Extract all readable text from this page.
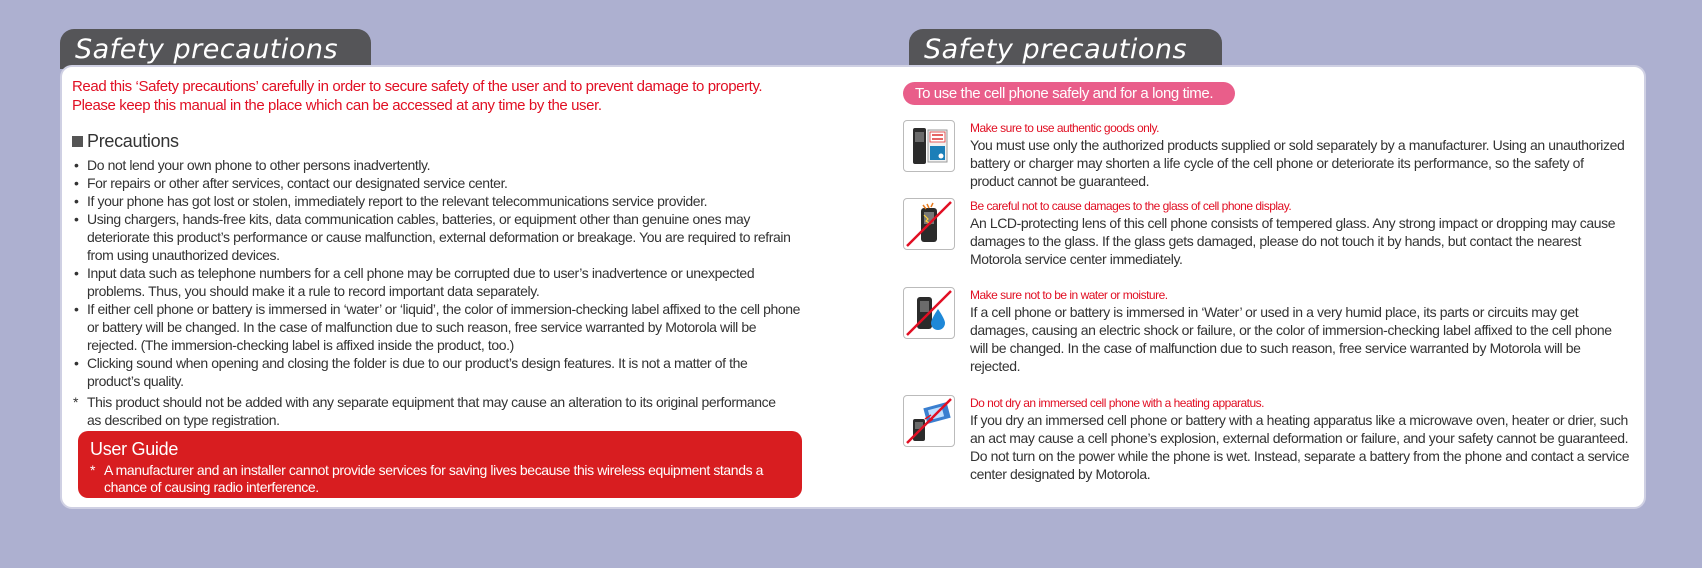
Safety precautions	Safety precautions
Read this ‘Safety precautions’ carefully in order to secure safety of the user and to prevent damage to property.
Please keep this manual in the place which can be accessed at any time by the user.
Precautions
• Do not lend your own phone to other persons inadvertently.
• For repairs or other after services, contact our designated service center.
• If your phone has got lost or stolen, immediately report to the relevant telecommunications service provider.
• Using chargers, hands-free kits, data communication cables, batteries, or equipment other than genuine ones may deteriorate this product’s performance or cause malfunction, external deformation or breakage. You are required to refrain from using unauthorized devices.
• Input data such as telephone numbers for a cell phone may be corrupted due to user’s inadvertence or unexpected problems. Thus, you should make it a rule to record important data separately.
• If either cell phone or battery is immersed in ‘water’ or ‘liquid’, the color of immersion-checking label affixed to the cell phone or battery will be changed. In the case of malfunction due to such reason, free service warranted by Motorola will be rejected. (The immersion-checking label is affixed inside the product, too.)
• Clicking sound when opening and closing the folder is due to our product’s design features. It is not a matter of the product’s quality.
* This product should not be added with any separate equipment that may cause an alteration to its original performance as described on type registration.
User Guide
* A manufacturer and an installer cannot provide services for saving lives because this wireless equipment stands a chance of causing radio interference.
To use the cell phone safely and for a long time.
Make sure to use authentic goods only.
You must use only the authorized products supplied or sold separately by a manufacturer. Using an unauthorized battery or charger may shorten a life cycle of the cell phone or deteriorate its performance, so the safety of product cannot be guaranteed.
Be careful not to cause damages to the glass of cell phone display.
An LCD-protecting lens of this cell phone consists of tempered glass. Any strong impact or dropping may cause damages to the glass. If the glass gets damaged, please do not touch it by hands, but contact the nearest Motorola service center immediately.
Make sure not to be in water or moisture.
If a cell phone or battery is immersed in ‘Water’ or used in a very humid place, its parts or circuits may get damages, causing an electric shock or failure, or the color of immersion-checking label affixed to the cell phone will be changed. In the case of malfunction due to such reason, free service warranted by Motorola will be rejected.
Do not dry an immersed cell phone with a heating apparatus.
If you dry an immersed cell phone or battery with a heating apparatus like a microwave oven, heater or drier, such an act may cause a cell phone’s explosion, external deformation or failure, and your safety cannot be guaranteed. Do not turn on the power while the phone is wet. Instead, separate a battery from the phone and contact a service center designated by Motorola.
